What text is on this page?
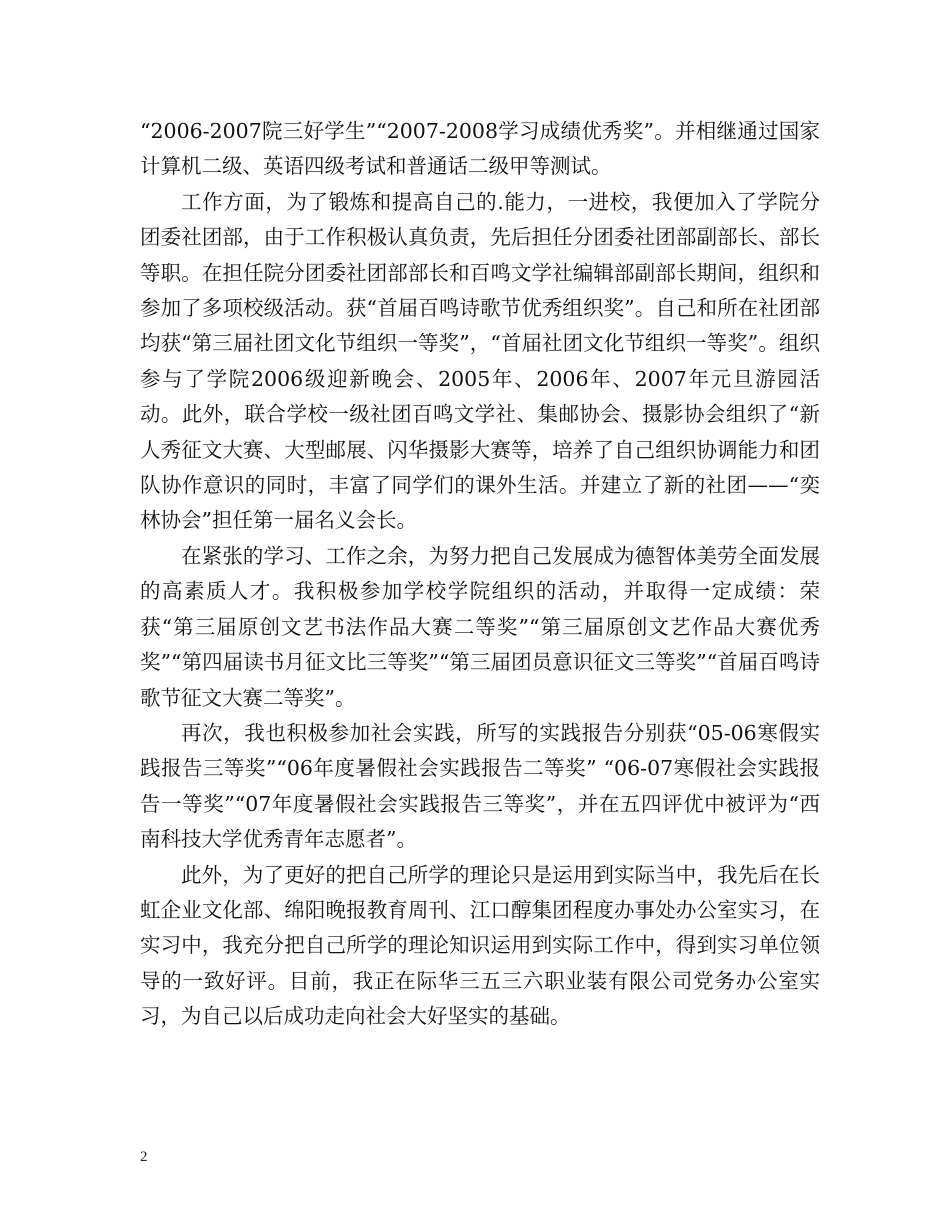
“2006-2007院三好学生”“2007-2008学习成绩优秀奖”。并相继通过国家计算机二级、英语四级考试和普通话二级甲等测试。

工作方面，为了锻炼和提高自己的.能力，一进校，我便加入了学院分团委社团部，由于工作积极认真负责，先后担任分团委社团部副部长、部长等职。在担任院分团委社团部部长和百鸣文学社编辑部副部长期间，组织和参加了多项校级活动。获“首届百鸣诗歌节优秀组织奖”。自己和所在社团部均获“第三届社团文化节组织一等奖”，“首届社团文化节组织一等奖”。组织参与了学院2006级迎新晚会、2005年、2006年、2007年元旦游园活动。此外，联合学校一级社团百鸣文学社、集邮协会、摄影协会组织了“新人秀征文大赛、大型邮展、闪华摄影大赛等，培养了自己组织协调能力和团队协作意识的同时，丰富了同学们的课外生活。并建立了新的社团——“奕林协会”担任第一届名义会长。

在紧张的学习、工作之余，为努力把自己发展成为德智体美劳全面发展的高素质人才。我积极参加学校学院组织的活动，并取得一定成绩：荣获“第三届原创文艺书法作品大赛二等奖”“第三届原创文艺作品大赛优秀奖”“第四届读书月征文比三等奖”“第三届团员意识征文三等奖”“首届百鸣诗歌节征文大赛二等奖”。

再次，我也积极参加社会实践，所写的实践报告分别获“05-06寒假实践报告三等奖”“06年度暑假社会实践报告二等奖” “06-07寒假社会实践报告一等奖”“07年度暑假社会实践报告三等奖”，并在五四评优中被评为“西南科技大学优秀青年志愿者”。

此外，为了更好的把自己所学的理论只是运用到实际当中，我先后在长虹企业文化部、绵阳晚报教育周刊、江口醇集团程度办事处办公室实习，在实习中，我充分把自己所学的理论知识运用到实际工作中，得到实习单位领导的一致好评。目前，我正在际华三五三六职业装有限公司党务办公室实习，为自己以后成功走向社会大好坚实的基础。

2
